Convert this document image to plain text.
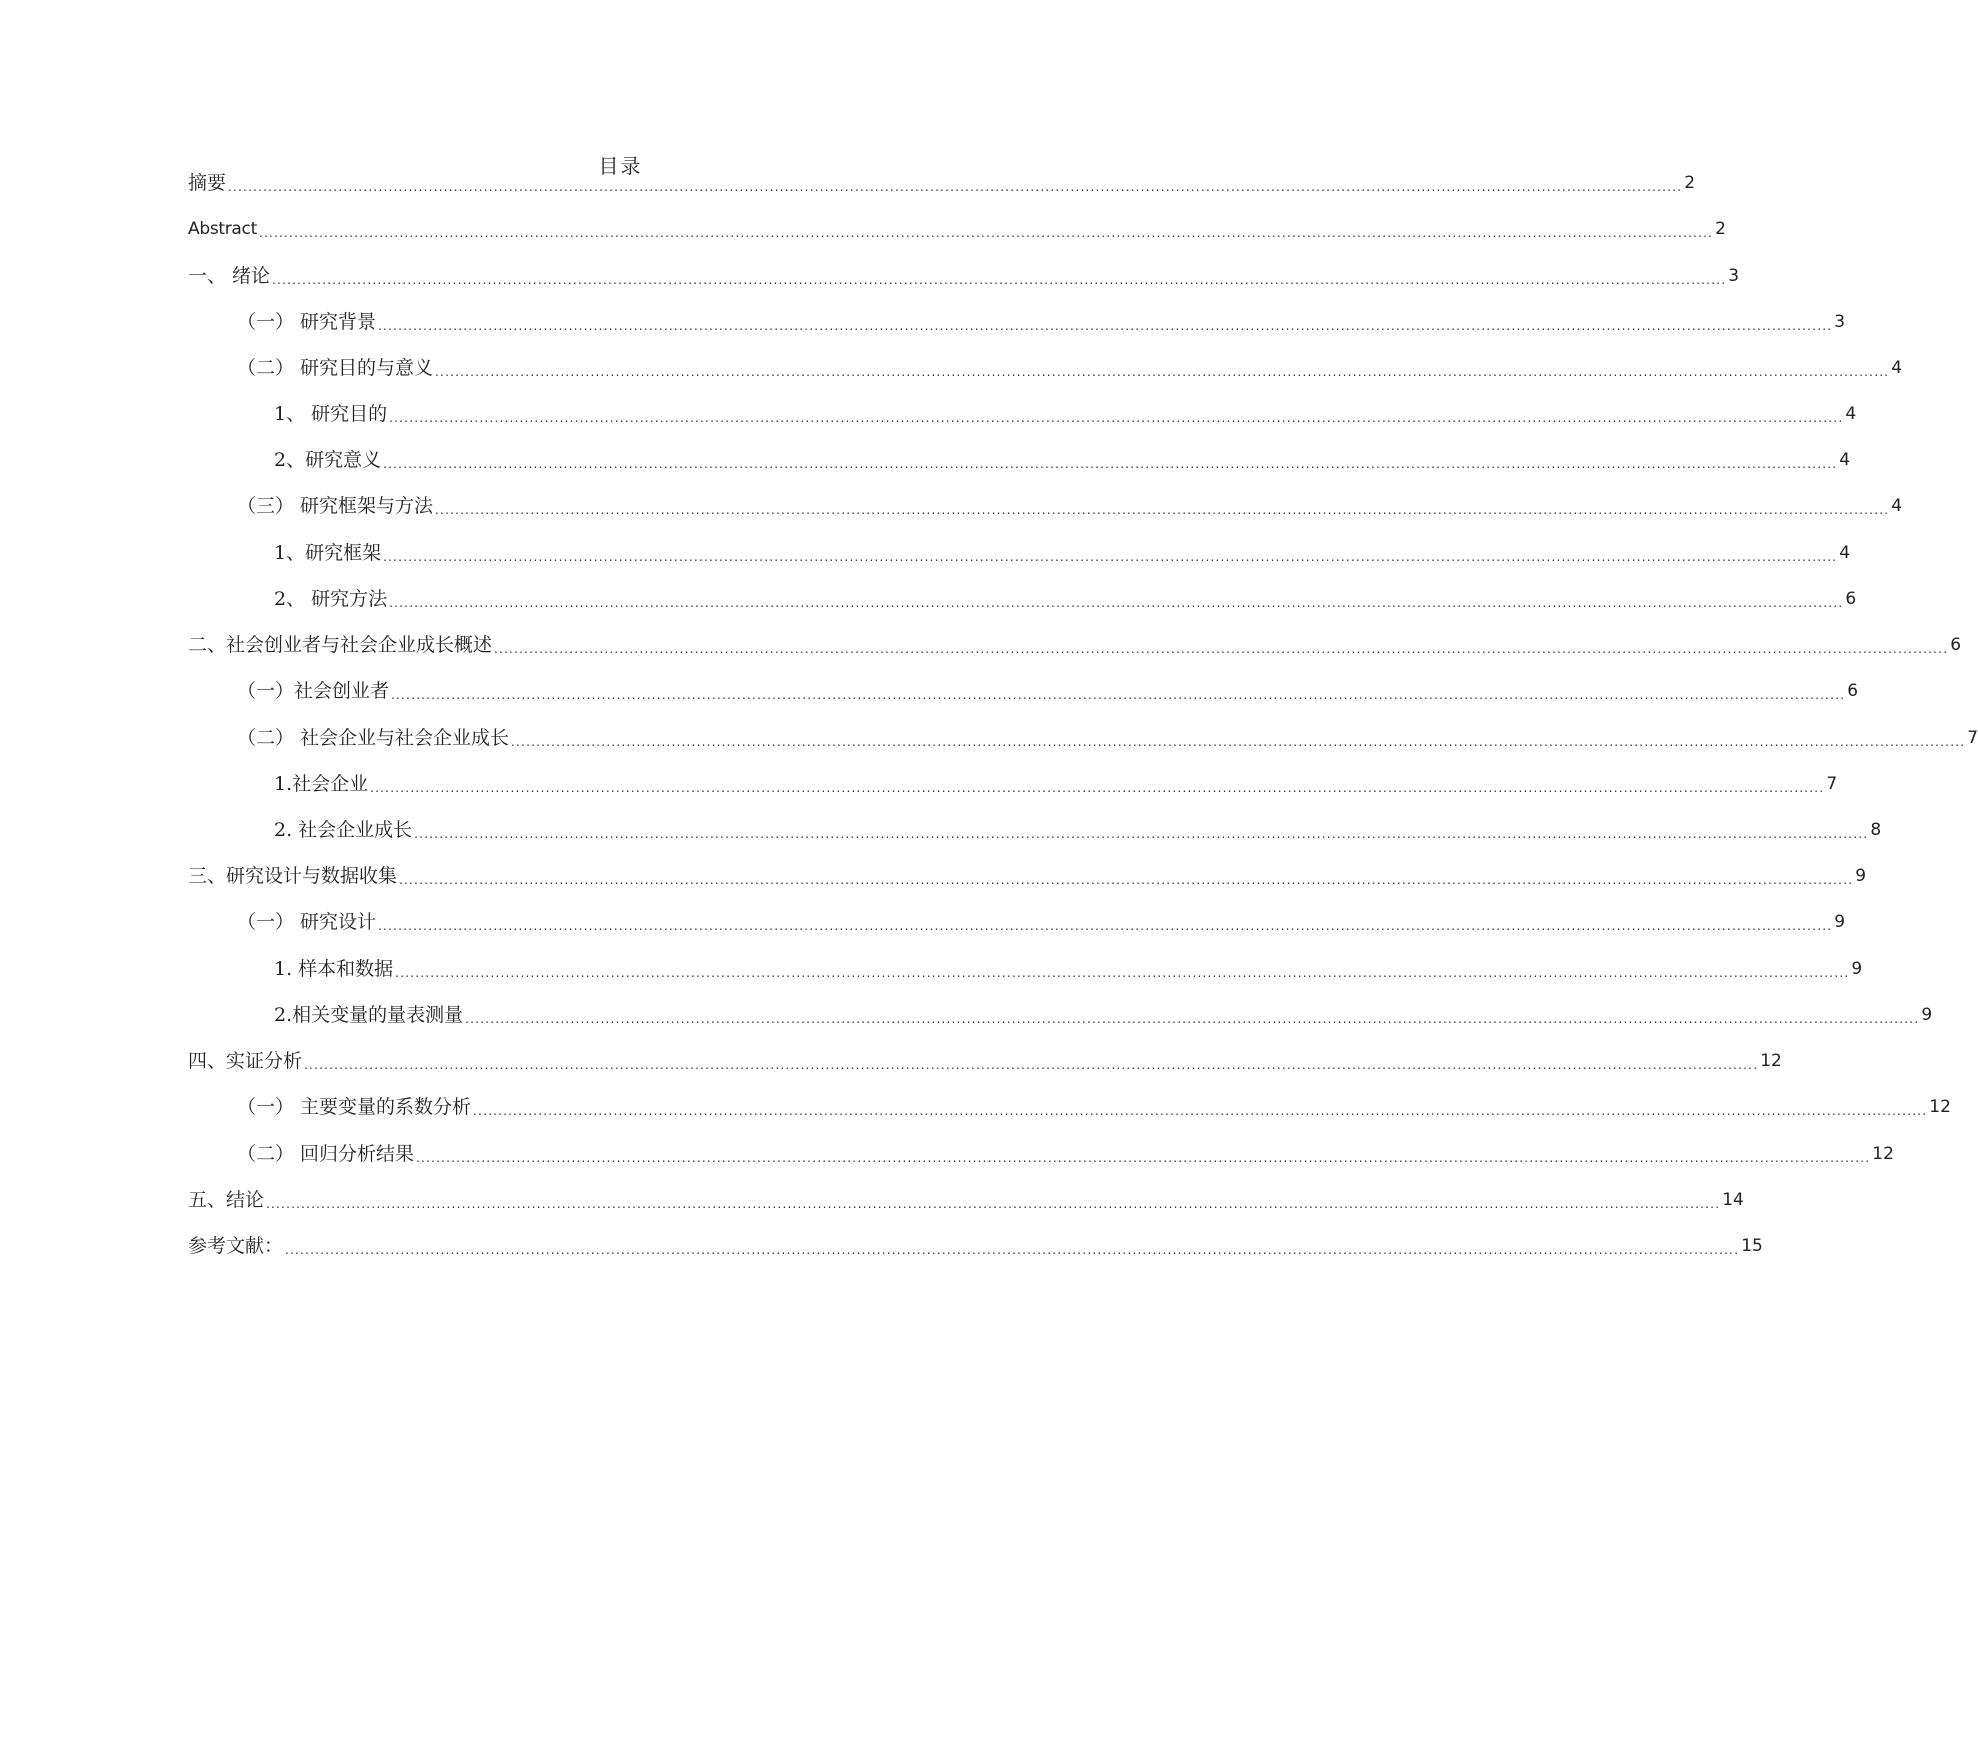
目录
摘要 .................................................................................................................................................................................................................................................................................................. 2
Abstract .................................................................................................................................................................................................................................................................................................. 2
一、 绪论 .................................................................................................................................................................................................................................................................................................. 3
（一） 研究背景 .................................................................................................................................................................................................................................................................................................. 3
（二） 研究目的与意义 .................................................................................................................................................................................................................................................................................................. 4
1、 研究目的 .................................................................................................................................................................................................................................................................................................. 4
2、研究意义 .................................................................................................................................................................................................................................................................................................. 4
（三） 研究框架与方法 .................................................................................................................................................................................................................................................................................................. 4
1、研究框架 .................................................................................................................................................................................................................................................................................................. 4
2、 研究方法 .................................................................................................................................................................................................................................................................................................. 6
二、社会创业者与社会企业成长概述 .................................................................................................................................................................................................................................................................................................. 6
（一）社会创业者 .................................................................................................................................................................................................................................................................................................. 6
（二） 社会企业与社会企业成长 .................................................................................................................................................................................................................................................................................................. 7
1.社会企业 .................................................................................................................................................................................................................................................................................................. 7
2. 社会企业成长 .................................................................................................................................................................................................................................................................................................. 8
三、研究设计与数据收集 .................................................................................................................................................................................................................................................................................................. 9
（一） 研究设计 .................................................................................................................................................................................................................................................................................................. 9
1. 样本和数据 .................................................................................................................................................................................................................................................................................................. 9
2.相关变量的量表测量 .................................................................................................................................................................................................................................................................................................. 9
四、实证分析 .................................................................................................................................................................................................................................................................................................. 12
（一） 主要变量的系数分析 .................................................................................................................................................................................................................................................................................................. 12
（二） 回归分析结果 .................................................................................................................................................................................................................................................................................................. 12
五、结论 .................................................................................................................................................................................................................................................................................................. 14
参考文献： .................................................................................................................................................................................................................................................................................................. 15
